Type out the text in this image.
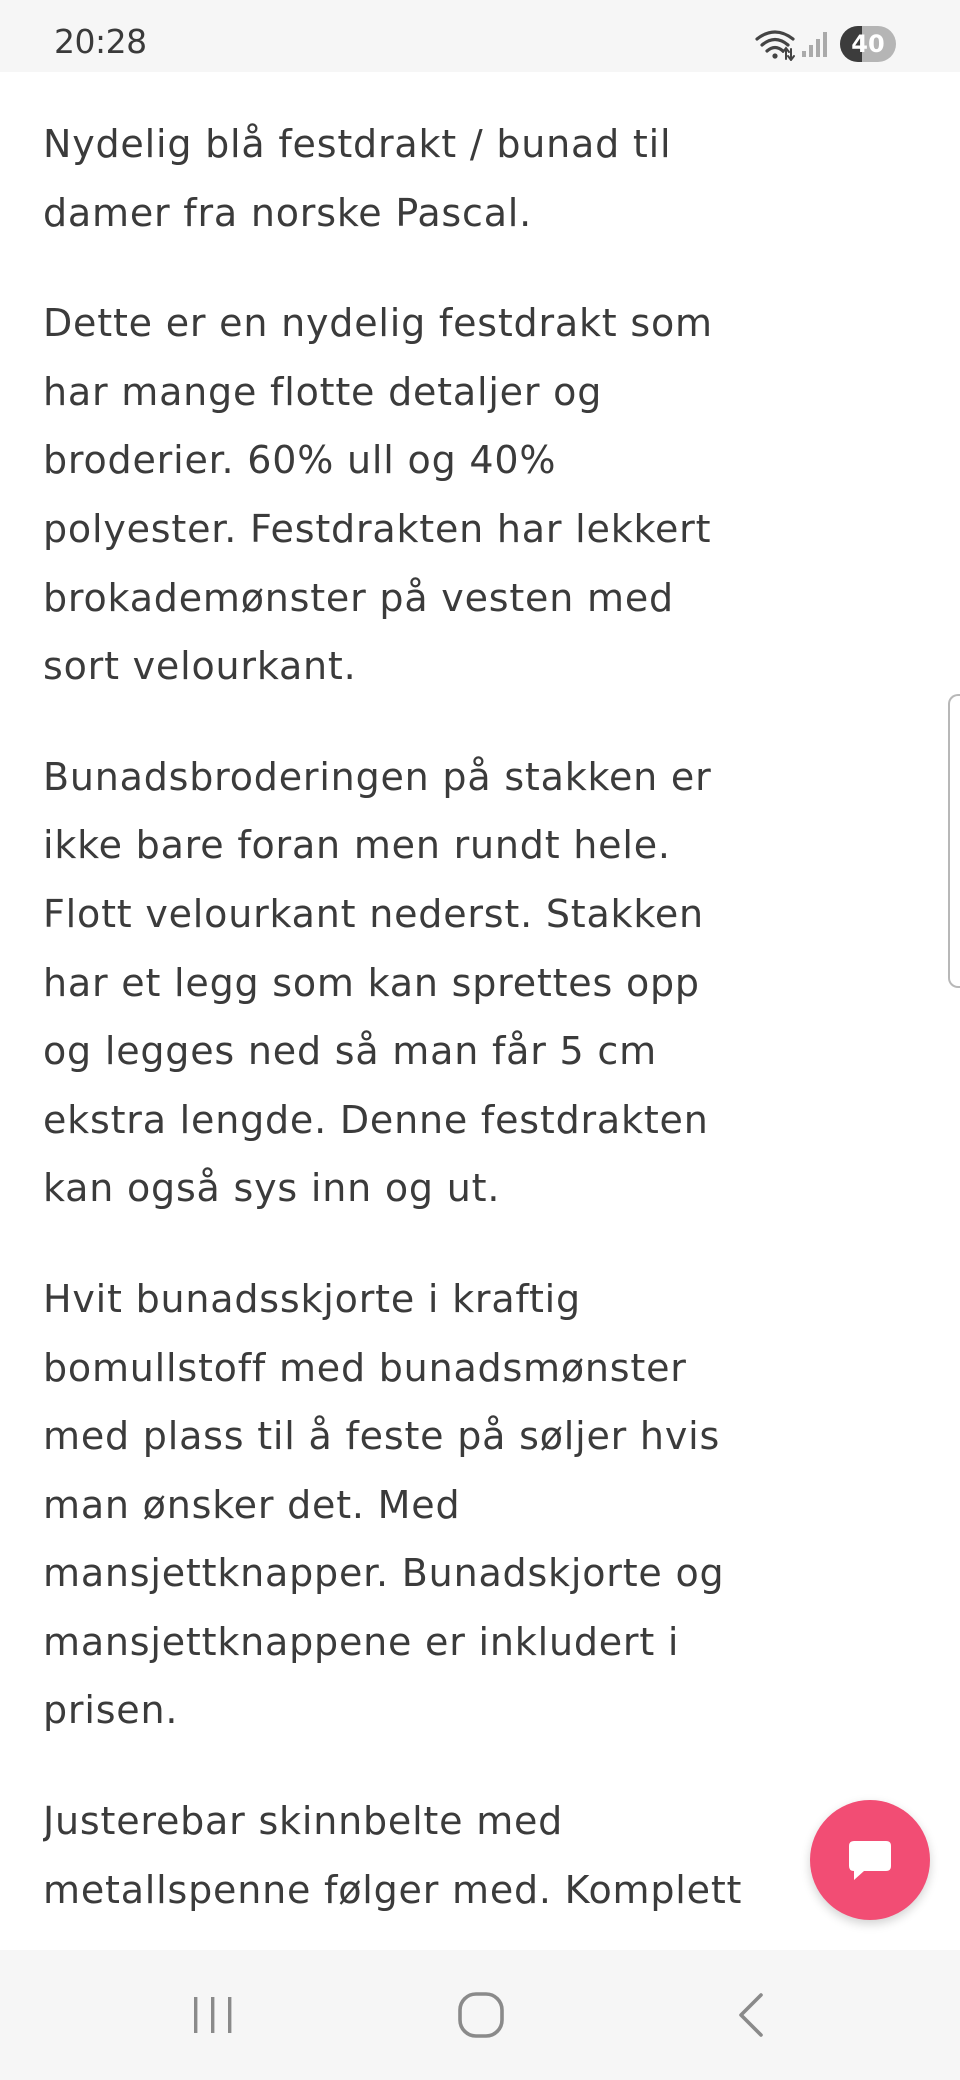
20:28	40

Nydelig blå festdrakt / bunad til damer fra norske Pascal.

Dette er en nydelig festdrakt som har mange flotte detaljer og broderier. 60% ull og 40% polyester. Festdrakten har lekkert brokademønster på vesten med sort velourkant.

Bunadsbroderingen på stakken er ikke bare foran men rundt hele. Flott velourkant nederst. Stakken har et legg som kan sprettes opp og legges ned så man får 5 cm ekstra lengde. Denne festdrakten kan også sys inn og ut.

Hvit bunadsskjorte i kraftig bomullstoff med bunadsmønster med plass til å feste på søljer hvis man ønsker det. Med mansjettknapper. Bunadskjorte og mansjettknappene er inkludert i prisen.

Justerebar skinnbelte med metallspenne følger med. Komplett
